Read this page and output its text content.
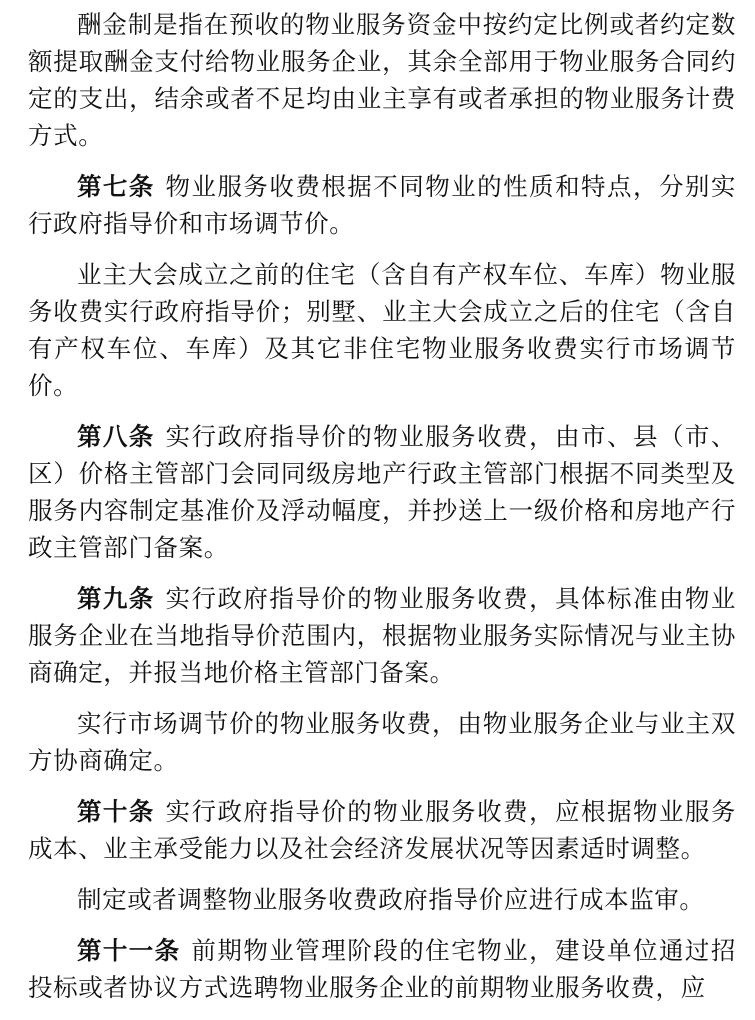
酬金制是指在预收的物业服务资金中按约定比例或者约定数额提取酬金支付给物业服务企业，其余全部用于物业服务合同约定的支出，结余或者不足均由业主享有或者承担的物业服务计费方式。

第七条 物业服务收费根据不同物业的性质和特点，分别实行政府指导价和市场调节价。

业主大会成立之前的住宅（含自有产权车位、车库）物业服务收费实行政府指导价；别墅、业主大会成立之后的住宅（含自有产权车位、车库）及其它非住宅物业服务收费实行市场调节价。

第八条 实行政府指导价的物业服务收费，由市、县（市、区）价格主管部门会同同级房地产行政主管部门根据不同类型及服务内容制定基准价及浮动幅度，并抄送上一级价格和房地产行政主管部门备案。

第九条 实行政府指导价的物业服务收费，具体标准由物业服务企业在当地指导价范围内，根据物业服务实际情况与业主协商确定，并报当地价格主管部门备案。

实行市场调节价的物业服务收费，由物业服务企业与业主双方协商确定。

第十条 实行政府指导价的物业服务收费，应根据物业服务成本、业主承受能力以及社会经济发展状况等因素适时调整。

制定或者调整物业服务收费政府指导价应进行成本监审。

第十一条 前期物业管理阶段的住宅物业，建设单位通过招投标或者协议方式选聘物业服务企业的前期物业服务收费，应
